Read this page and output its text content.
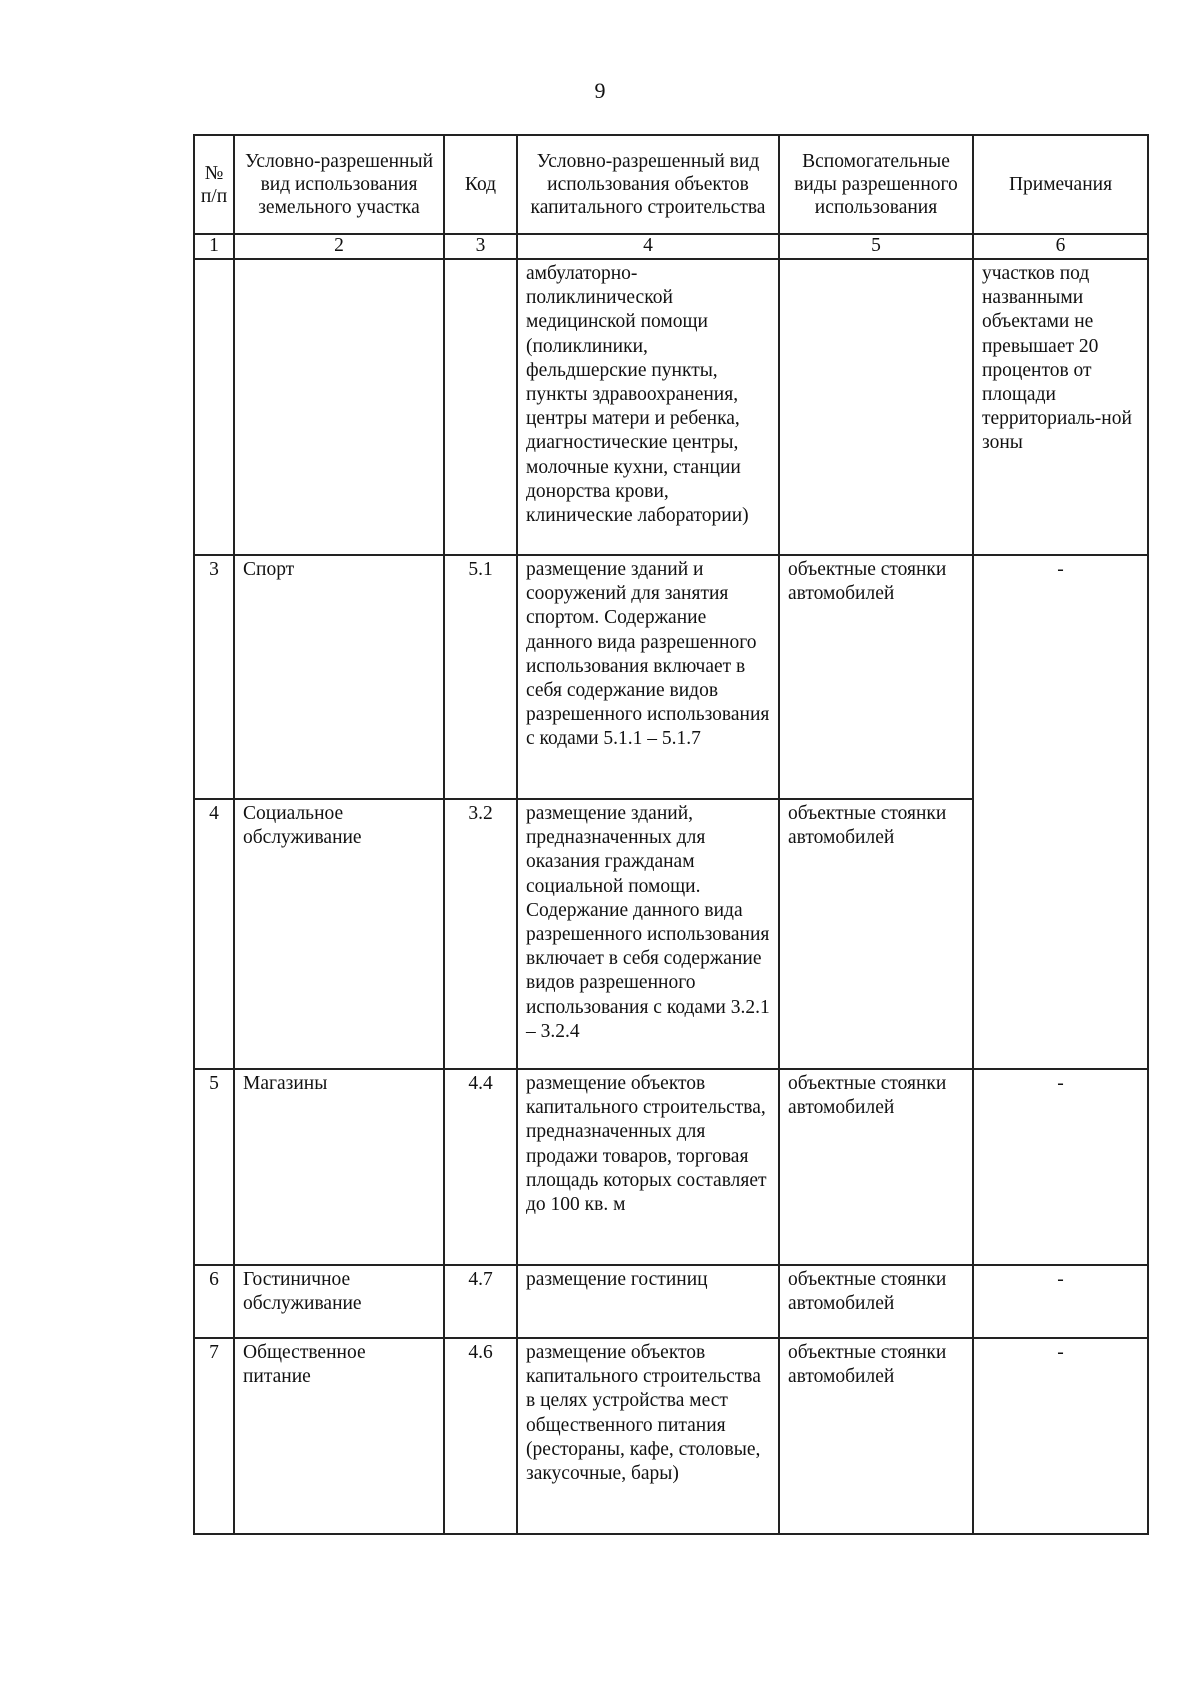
9
№ п/п	Условно-разрешенный вид использования земельного участка	Код	Условно-разрешенный вид использования объектов капитального строительства	Вспомогательные виды разрешенного использования	Примечания
1	2	3	4	5	6
			амбулаторно-поликлинической медицинской помощи (поликлиники, фельдшерские пункты, пункты здравоохранения, центры матери и ребенка, диагностические центры, молочные кухни, станции донорства крови, клинические лаборатории)		участков под названными объектами не превышает 20 процентов от площади территориаль-ной зоны
3	Спорт	5.1	размещение зданий и сооружений для занятия спортом. Содержание данного вида разрешенного использования включает в себя содержание видов разрешенного использования с кодами 5.1.1 – 5.1.7	объектные стоянки автомобилей	-
4	Социальное обслуживание	3.2	размещение зданий, предназначенных для оказания гражданам социальной помощи. Содержание данного вида разрешенного использования включает в себя содержание видов разрешенного использования с кодами 3.2.1 – 3.2.4	объектные стоянки автомобилей	
5	Магазины	4.4	размещение объектов капитального строительства, предназначенных для продажи товаров, торговая площадь которых составляет до 100 кв. м	объектные стоянки автомобилей	-
6	Гостиничное обслуживание	4.7	размещение гостиниц	объектные стоянки автомобилей	-
7	Общественное питание	4.6	размещение объектов капитального строительства в целях устройства мест общественного питания (рестораны, кафе, столовые, закусочные, бары)	объектные стоянки автомобилей	-
